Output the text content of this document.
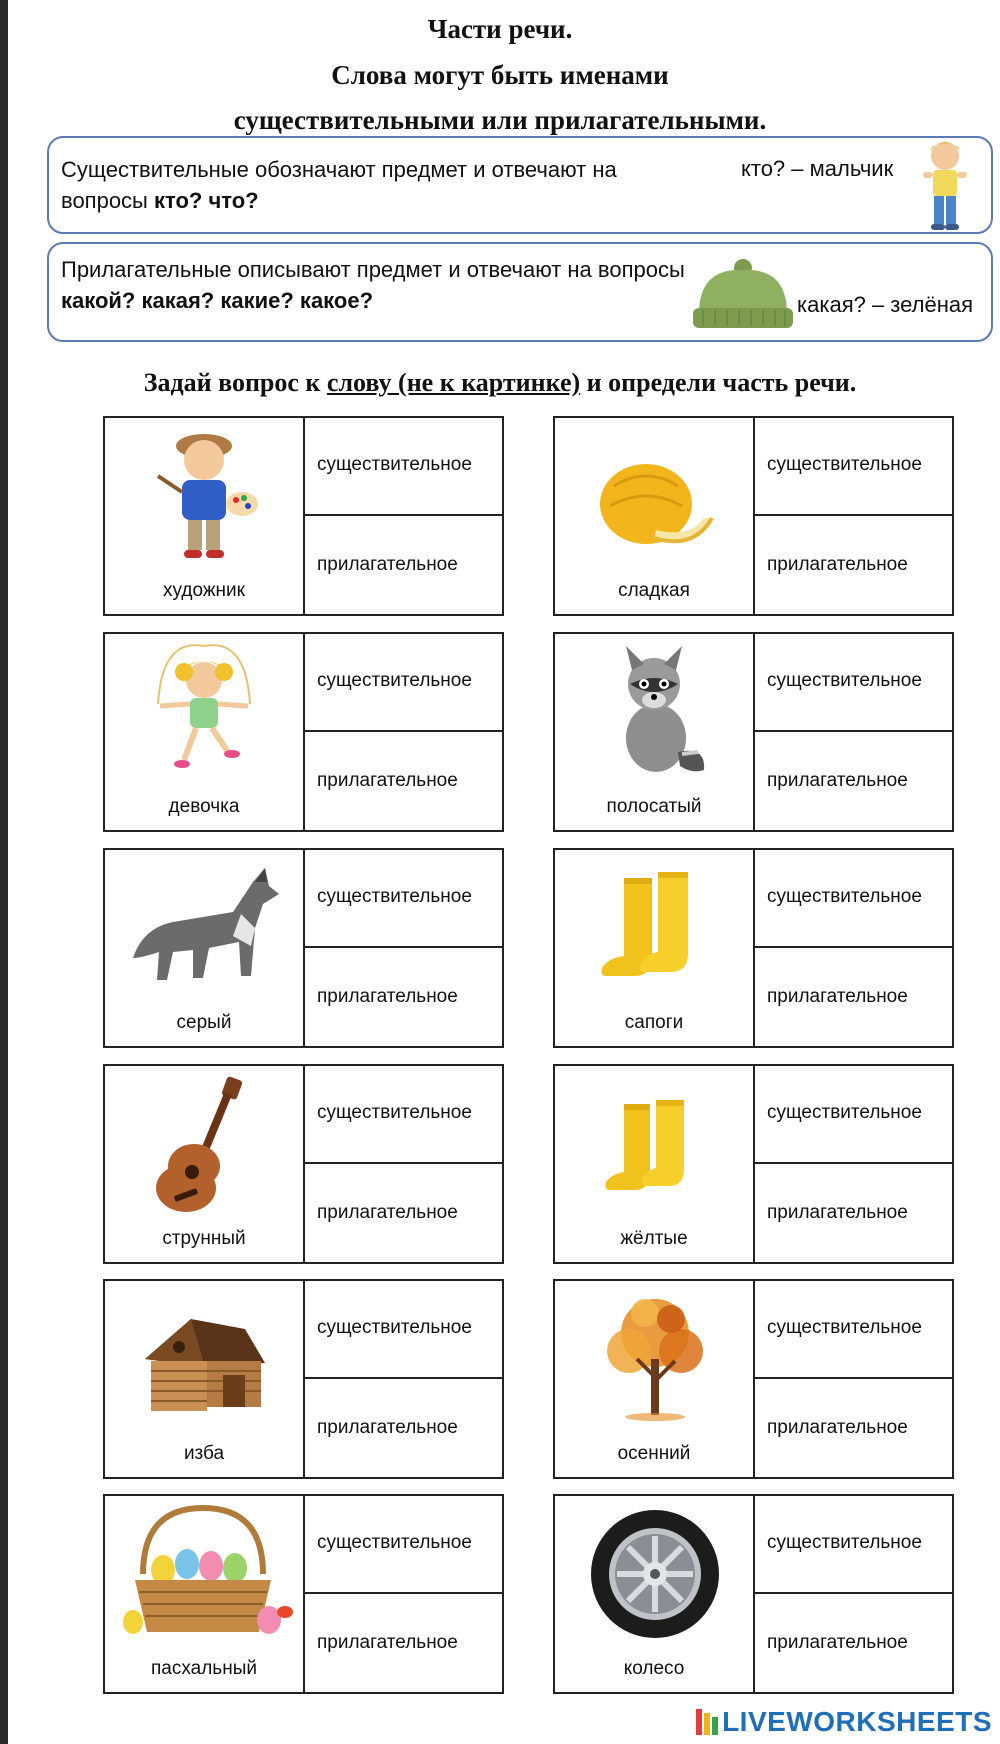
Части речи.
Слова могут быть именами
существительными или прилагательными.
Существительные обозначают предмет и отвечают на
вопросы кто? что?
кто? – мальчик
Прилагательные описывают предмет и отвечают на вопросы
какой? какая? какие? какое?	какая? – зелёная
Задай вопрос к слову (не к картинке) и определи часть речи.
художник
существительное
прилагательное
сладкая
существительное
прилагательное
девочка
существительное
прилагательное
полосатый
существительное
прилагательное
серый
существительное
прилагательное
сапоги
существительное
прилагательное
струнный
существительное
прилагательное
жёлтые
существительное
прилагательное
изба
существительное
прилагательное
осенний
существительное
прилагательное
пасхальный
существительное
прилагательное
колесо
существительное
прилагательное
LIVEWORKSHEETS
